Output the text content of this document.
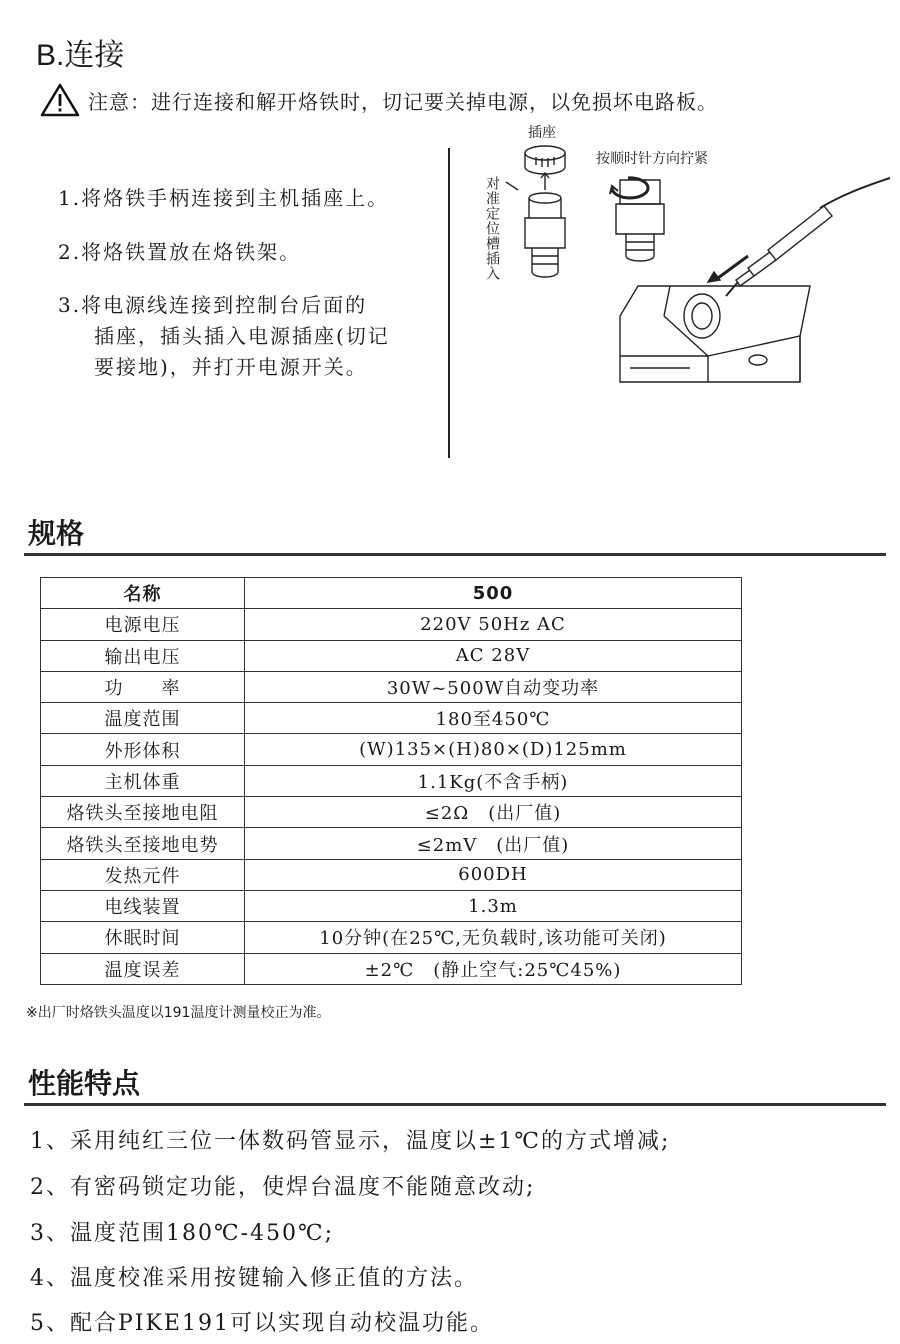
B.连接
注意：进行连接和解开烙铁时，切记要关掉电源，以免损坏电路板。
1.将烙铁手柄连接到主机插座上。
2.将烙铁置放在烙铁架。
3.将电源线连接到控制台后面的
插座，插头插入电源插座(切记
要接地)，并打开电源开关。
插座
按顺时针方向拧紧
对准定位槽插入
规格
名称	500
电源电压	220V 50Hz AC
输出电压	AC 28V
功　　率	30W~500W自动变功率
温度范围	180至450℃
外形体积	(W)135×(H)80×(D)125mm
主机体重	1.1Kg(不含手柄)
烙铁头至接地电阻	≤2Ω　(出厂值)
烙铁头至接地电势	≤2mV　(出厂值)
发热元件	600DH
电线装置	1.3m
休眠时间	10分钟(在25℃,无负载时,该功能可关闭)
温度误差	±2℃　(静止空气:25℃45%)
※出厂时烙铁头温度以191温度计测量校正为准。
性能特点
1、采用纯红三位一体数码管显示，温度以±1℃的方式增减;
2、有密码锁定功能，使焊台温度不能随意改动;
3、温度范围180℃-450℃;
4、温度校准采用按键输入修正值的方法。
5、配合PIKE191可以实现自动校温功能。
